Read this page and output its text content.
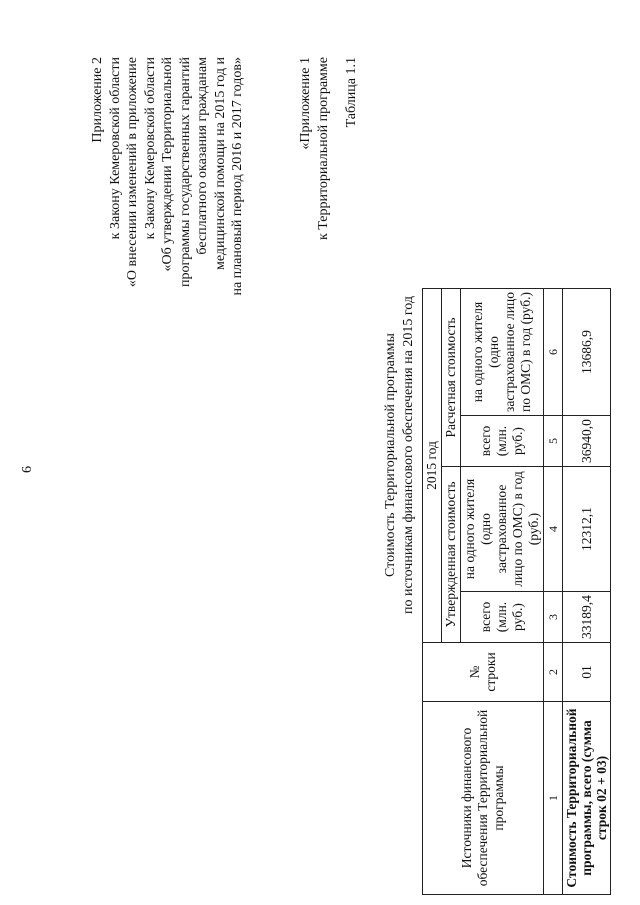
6
Приложение 2 к Закону Кемеровской области «О внесении изменений в приложение к Закону Кемеровской области «Об утверждении Территориальной программы государственных гарантий бесплатного оказания гражданам медицинской помощи на 2015 год и на плановый период 2016 и 2017 годов»	«Приложение 1 к Территориальной программе Таблица 1.1
Стоимость Территориальной программы по источникам финансового обеспечения на 2015 год
Источники финансового обеспечения Территориальной программы	№ строки	2015 год			
		Утвержденная стоимость		Расчетная стоимость	
		всего (млн. руб.)	на одного жителя (одно застрахованное лицо по ОМС) в год (руб.)	всего (млн. руб.)	на одного жителя (одно застрахованное лицо по ОМС) в год (руб.)
1	2	3	4	5	6
Стоимость Территориальной программы, всего (сумма строк 02 + 03)	01	33189,4	12312,1	36940,0	13686,9
